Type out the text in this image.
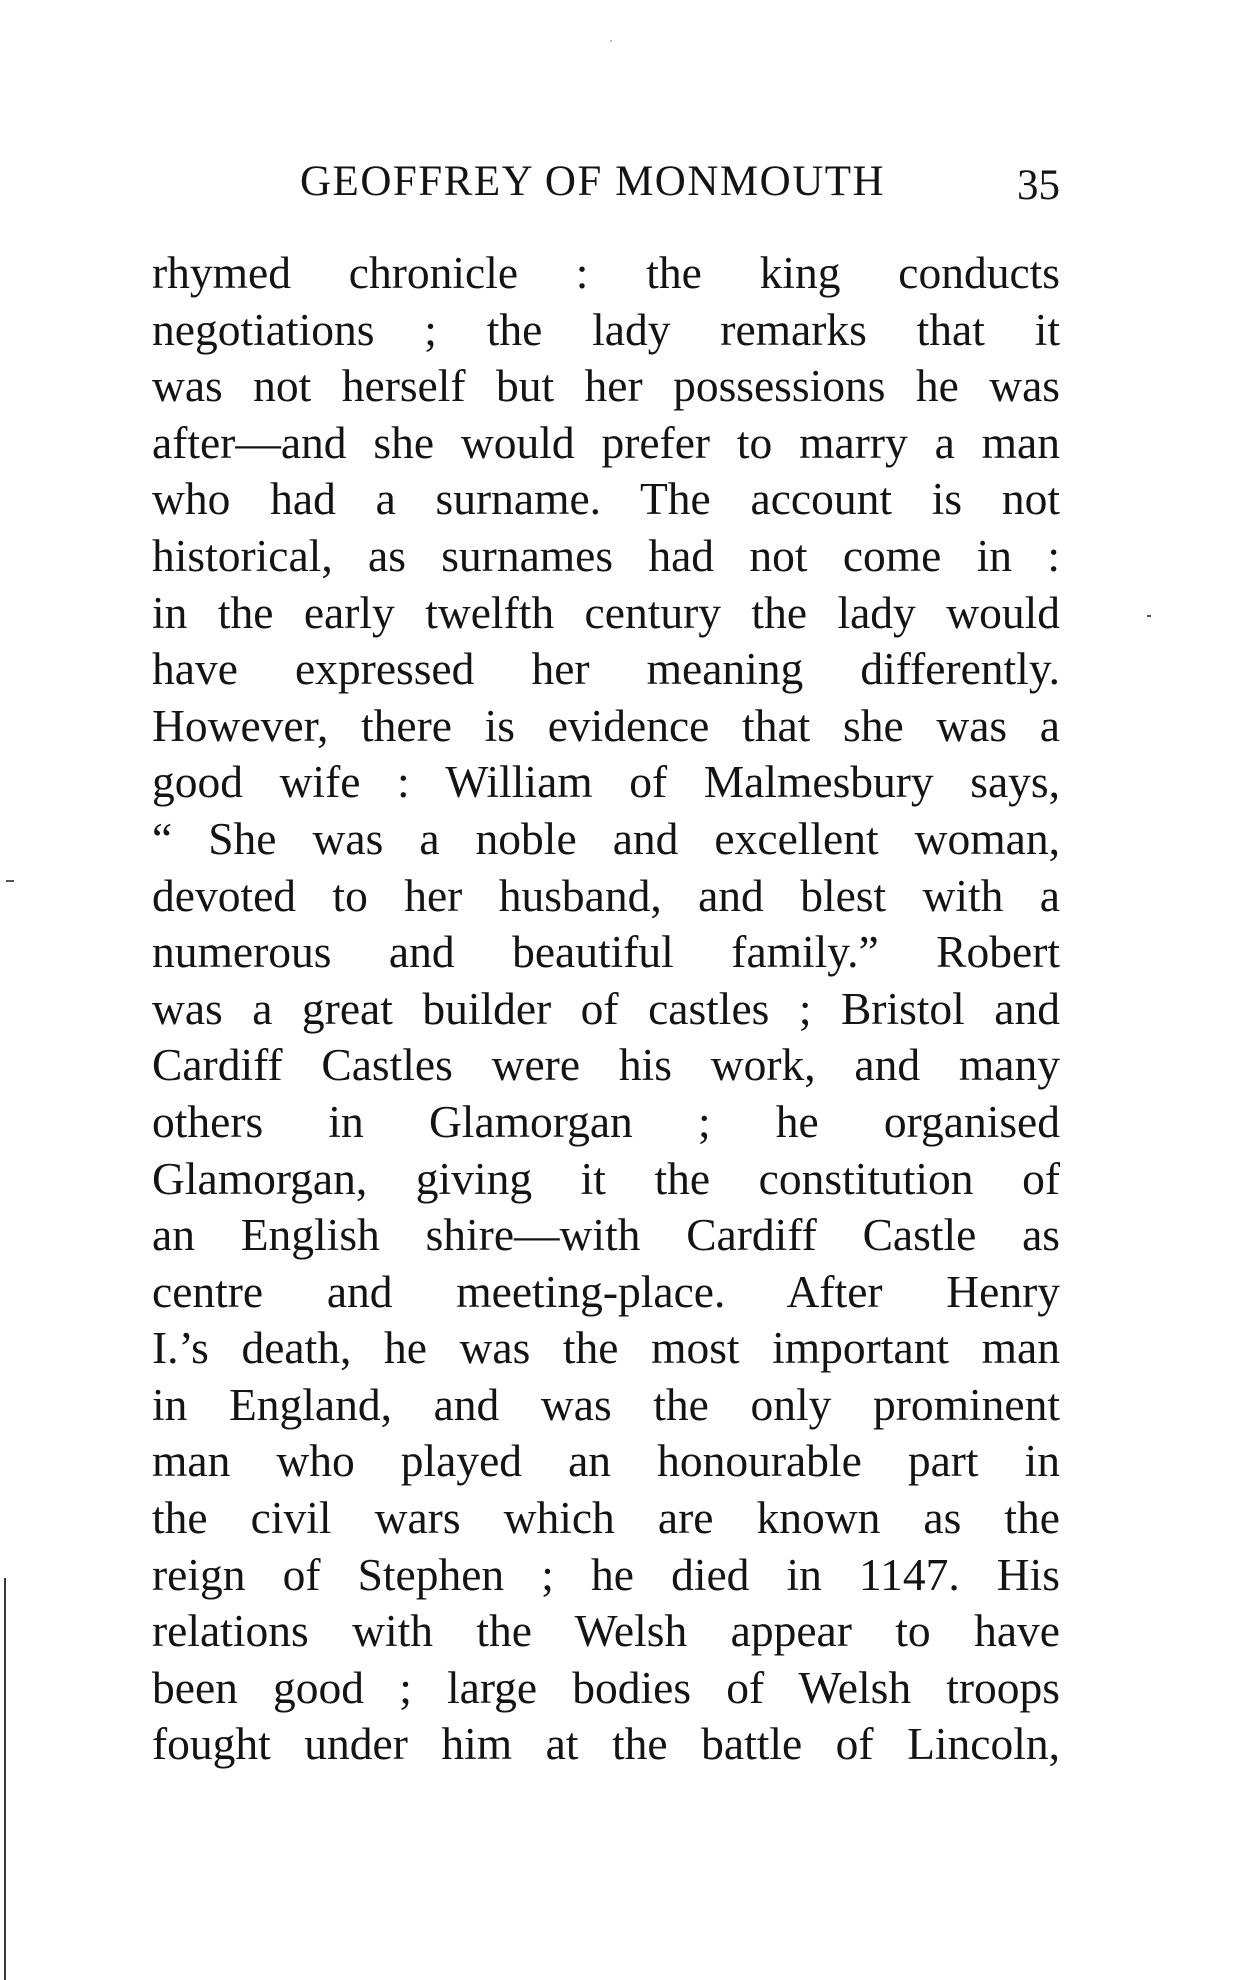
GEOFFREY OF MONMOUTH	35
rhymed chronicle : the king conducts
negotiations ; the lady remarks that it
was not herself but her possessions he was
after—and she would prefer to marry a man
who had a surname. The account is not
historical, as surnames had not come in :
in the early twelfth century the lady would
have expressed her meaning differently.
However, there is evidence that she was a
good wife : William of Malmesbury says,
“ She was a noble and excellent woman,
devoted to her husband, and blest with a
numerous and beautiful family.” Robert
was a great builder of castles ; Bristol and
Cardiff Castles were his work, and many
others in Glamorgan ; he organised
Glamorgan, giving it the constitution of
an English shire—with Cardiff Castle as
centre and meeting-place. After Henry
I.’s death, he was the most important man
in England, and was the only prominent
man who played an honourable part in
the civil wars which are known as the
reign of Stephen ; he died in 1147. His
relations with the Welsh appear to have
been good ; large bodies of Welsh troops
fought under him at the battle of Lincoln,
